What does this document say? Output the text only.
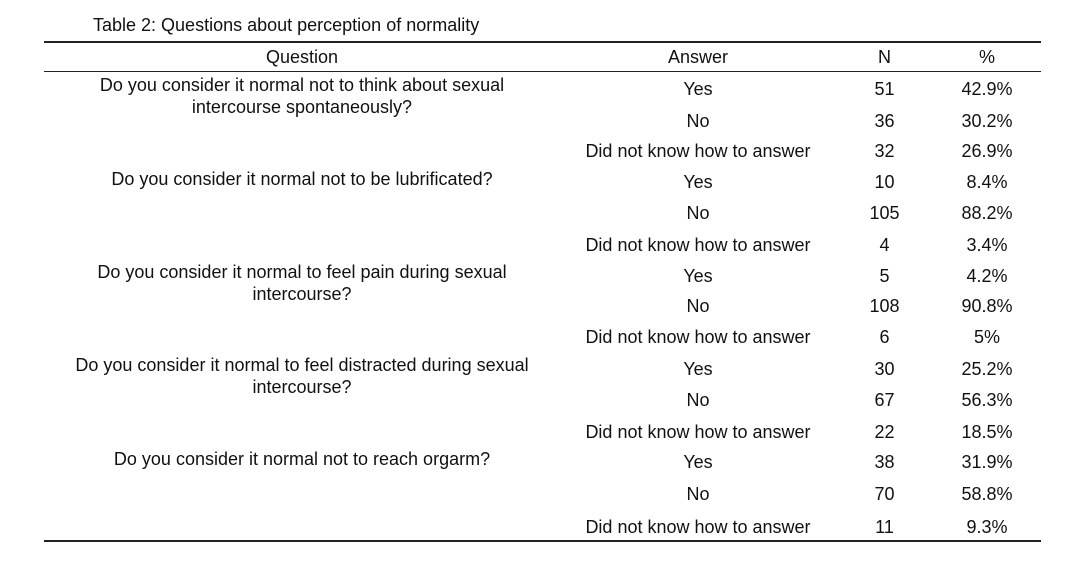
Table 2: Questions about perception of normality
Question	Answer	N	%
Do you consider it normal not to think about sexual
intercourse spontaneously?
Yes	51	42.9%
No	36	30.2%
Did not know how to answer	32	26.9%
Do you consider it normal not to be lubrificated?	Yes	10	8.4%
No	105	88.2%
Did not know how to answer	4	3.4%
Do you consider it normal to feel pain during sexual
intercourse?
Yes	5	4.2%
No	108	90.8%
Did not know how to answer	6	5%
Do you consider it normal to feel distracted during sexual
intercourse?
Yes	30	25.2%
No	67	56.3%
Did not know how to answer	22	18.5%
Do you consider it normal not to reach orgarm?	Yes	38	31.9%
No	70	58.8%
Did not know how to answer	11	9.3%
